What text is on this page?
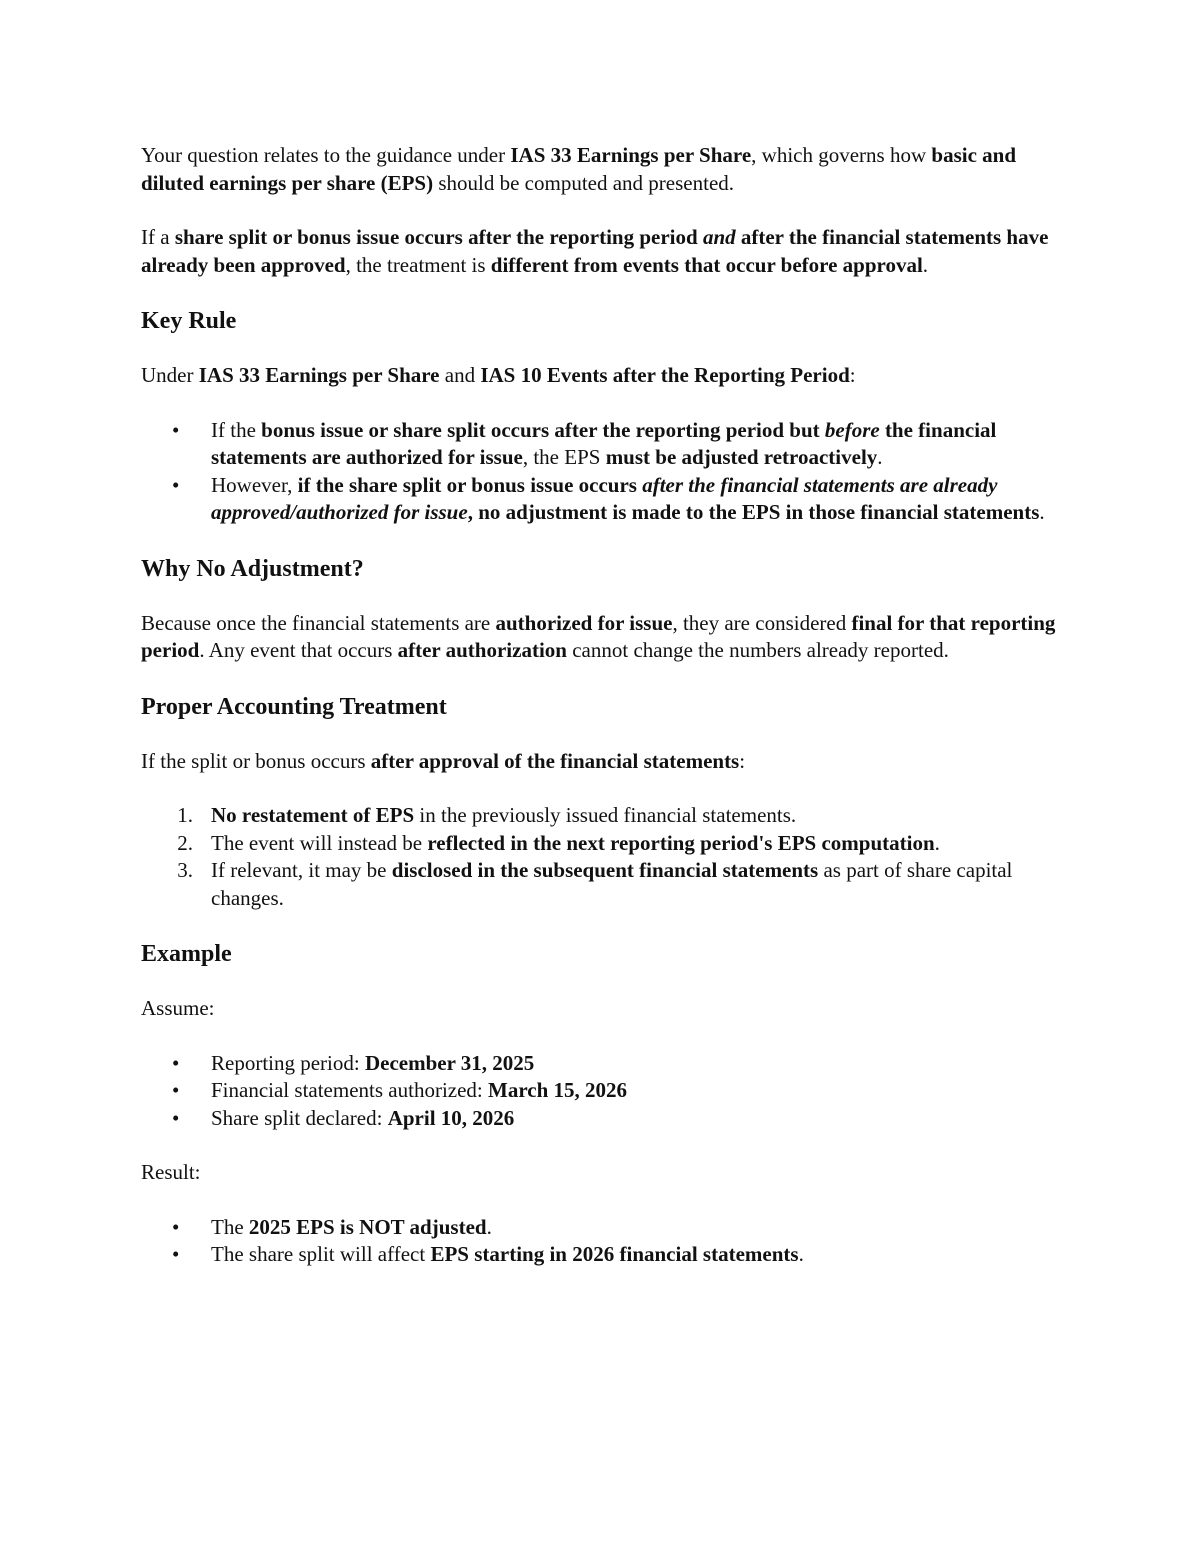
Your question relates to the guidance under IAS 33 Earnings per Share, which governs how basic and diluted earnings per share (EPS) should be computed and presented.

If a share split or bonus issue occurs after the reporting period and after the financial statements have already been approved, the treatment is different from events that occur before approval.

Key Rule

Under IAS 33 Earnings per Share and IAS 10 Events after the Reporting Period:

• If the bonus issue or share split occurs after the reporting period but before the financial statements are authorized for issue, the EPS must be adjusted retroactively.
• However, if the share split or bonus issue occurs after the financial statements are already approved/authorized for issue, no adjustment is made to the EPS in those financial statements.
Why No Adjustment?

Because once the financial statements are authorized for issue, they are considered final for that reporting period. Any event that occurs after authorization cannot change the numbers already reported.

Proper Accounting Treatment

If the split or bonus occurs after approval of the financial statements:

1. No restatement of EPS in the previously issued financial statements.
2. The event will instead be reflected in the next reporting period's EPS computation.
3. If relevant, it may be disclosed in the subsequent financial statements as part of share capital changes.
Example

Assume:

• Reporting period: December 31, 2025
• Financial statements authorized: March 15, 2026
• Share split declared: April 10, 2026

Result:

• The 2025 EPS is NOT adjusted.
• The share split will affect EPS starting in 2026 financial statements.
